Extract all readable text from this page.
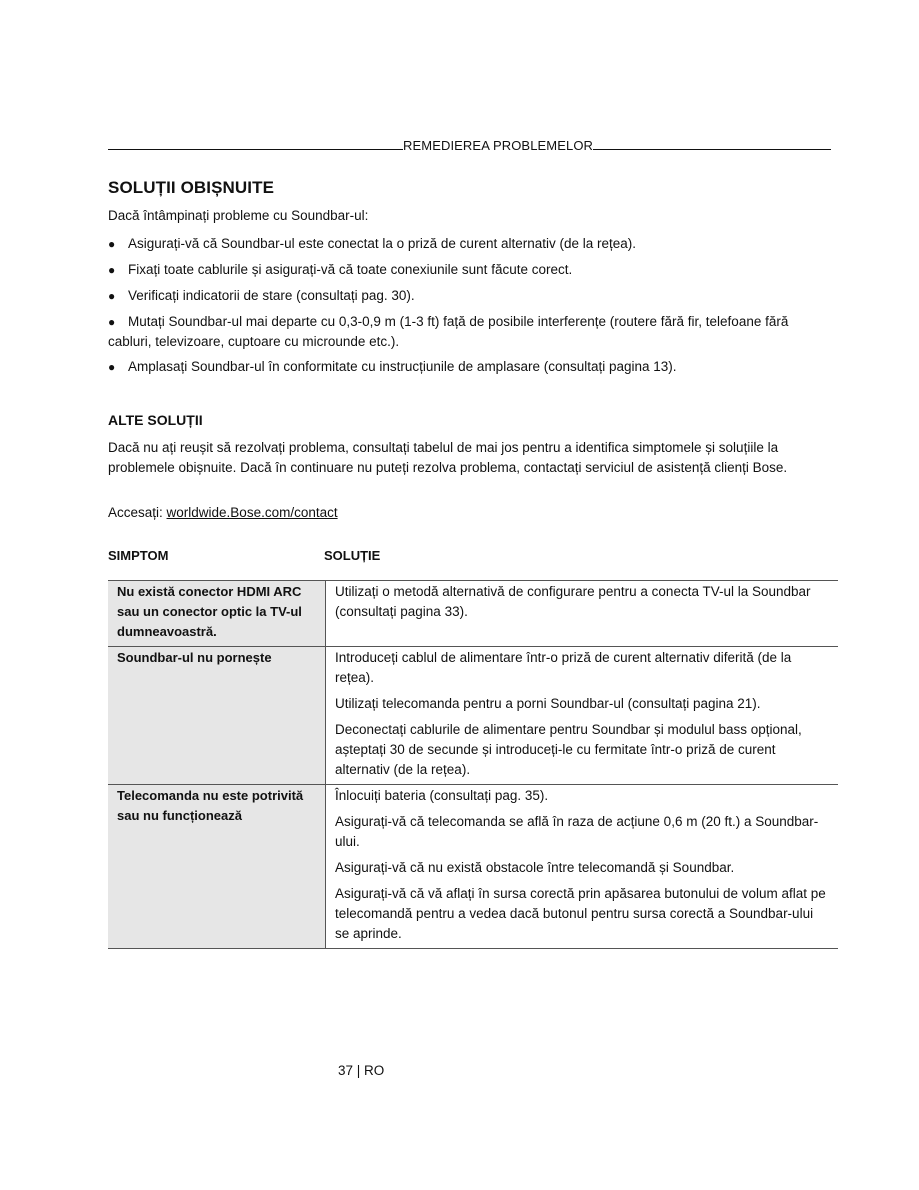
REMEDIEREA PROBLEMELOR
SOLUȚII OBIȘNUITE

Dacă întâmpinați probleme cu Soundbar-ul:

● Asigurați-vă că Soundbar-ul este conectat la o priză de curent alternativ (de la rețea).
● Fixați toate cablurile și asigurați-vă că toate conexiunile sunt făcute corect.
● Verificați indicatorii de stare (consultați pag. 30).
● Mutați Soundbar-ul mai departe cu 0,3-0,9 m (1-3 ft) față de posibile interferențe (routere fără fir, telefoane fără cabluri, televizoare, cuptoare cu microunde etc.).
● Amplasați Soundbar-ul în conformitate cu instrucțiunile de amplasare (consultați pagina 13).
ALTE SOLUȚII

Dacă nu ați reușit să rezolvați problema, consultați tabelul de mai jos pentru a identifica simptomele și soluțiile la problemele obișnuite. Dacă în continuare nu puteți rezolva problema, contactați serviciul de asistență clienți Bose.

Accesați: worldwide.Bose.com/contact

SIMPTOM	SOLUȚIE
Nu există conector HDMI ARC sau un conector optic la TV-ul dumneavoastră.	Utilizați o metodă alternativă de configurare pentru a conecta TV-ul la Soundbar (consultați pagina 33).

Soundbar-ul nu pornește	Introduceți cablul de alimentare într-o priză de curent alternativ diferită (de la rețea).

Utilizați telecomanda pentru a porni Soundbar-ul (consultați pagina 21).

Deconectați cablurile de alimentare pentru Soundbar și modulul bass opțional, așteptați 30 de secunde și introduceți-le cu fermitate într-o priză de curent alternativ (de la rețea).

Telecomanda nu este potrivită sau nu funcționează	Înlocuiți bateria (consultați pag. 35).

Asigurați-vă că telecomanda se află în raza de acțiune 0,6 m (20 ft.) a Soundbar-ului.

Asigurați-vă că nu există obstacole între telecomandă și Soundbar.

Asigurați-vă că vă aflați în sursa corectă prin apăsarea butonului de volum aflat pe telecomandă pentru a vedea dacă butonul pentru sursa corectă a Soundbar-ului se aprinde.

37 | RO
